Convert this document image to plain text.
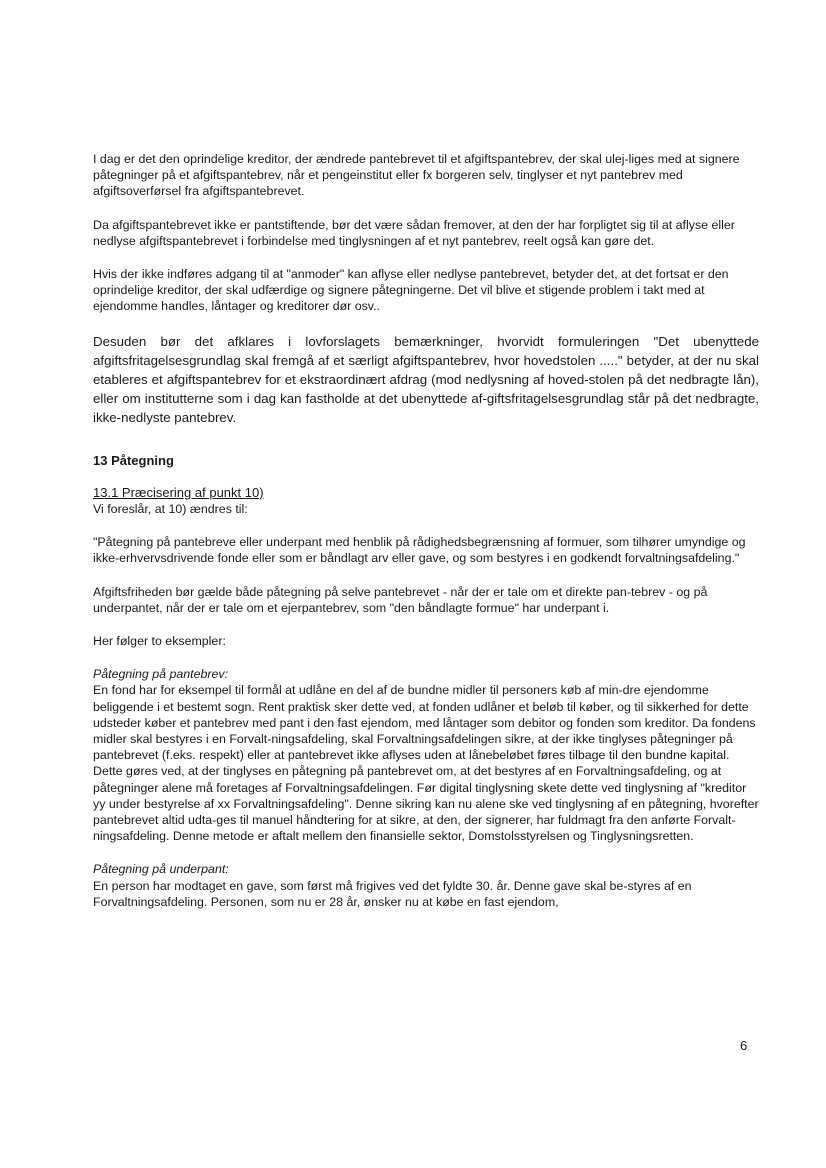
I dag er det den oprindelige kreditor, der ændrede pantebrevet til et afgiftspantebrev, der skal ulej-liges med at signere påtegninger på et afgiftspantebrev, når et pengeinstitut eller fx borgeren selv, tinglyser et nyt pantebrev med afgiftsoverførsel fra afgiftspantebrevet.

Da afgiftspantebrevet ikke er pantstiftende, bør det være sådan fremover, at den der har forpligtet sig til at aflyse eller nedlyse afgiftspantebrevet i forbindelse med tinglysningen af et nyt pantebrev, reelt også kan gøre det.

Hvis der ikke indføres adgang til at "anmoder" kan aflyse eller nedlyse pantebrevet, betyder det, at det fortsat er den oprindelige kreditor, der skal udfærdige og signere påtegningerne. Det vil blive et stigende problem i takt med at ejendomme handles, låntager og kreditorer dør osv..

Desuden bør det afklares i lovforslagets bemærkninger, hvorvidt formuleringen "Det ubenyttede afgiftsfritagelsesgrundlag skal fremgå af et særligt afgiftspantebrev, hvor hovedstolen ....." betyder, at der nu skal etableres et afgiftspantebrev for et ekstraordinært afdrag (mod nedlysning af hoved-stolen på det nedbragte lån), eller om institutterne som i dag kan fastholde at det ubenyttede af-giftsfritagelsesgrundlag står på det nedbragte, ikke-nedlyste pantebrev.

13 Påtegning

13.1 Præcisering af punkt 10)

Vi foreslår, at 10) ændres til:

"Påtegning på pantebreve eller underpant med henblik på rådighedsbegrænsning af formuer, som tilhører umyndige og ikke-erhvervsdrivende fonde eller som er båndlagt arv eller gave, og som bestyres i en godkendt forvaltningsafdeling."

Afgiftsfriheden bør gælde både påtegning på selve pantebrevet - når der er tale om et direkte pan-tebrev - og på underpantet, når der er tale om et ejerpantebrev, som "den båndlagte formue" har underpant i.

Her følger to eksempler:

Påtegning på pantebrev:

En fond har for eksempel til formål at udlåne en del af de bundne midler til personers køb af min-dre ejendomme beliggende i et bestemt sogn. Rent praktisk sker dette ved, at fonden udlåner et beløb til køber, og til sikkerhed for dette udsteder køber et pantebrev med pant i den fast ejendom, med låntager som debitor og fonden som kreditor. Da fondens midler skal bestyres i en Forvalt-ningsafdeling, skal Forvaltningsafdelingen sikre, at der ikke tinglyses påtegninger på pantebrevet (f.eks. respekt) eller at pantebrevet ikke aflyses uden at lånebeløbet føres tilbage til den bundne kapital. Dette gøres ved, at der tinglyses en påtegning på pantebrevet om, at det bestyres af en Forvaltningsafdeling, og at påtegninger alene må foretages af Forvaltningsafdelingen. Før digital tinglysning skete dette ved tinglysning af "kreditor yy under bestyrelse af xx Forvaltningsafdeling". Denne sikring kan nu alene ske ved tinglysning af en påtegning, hvorefter pantebrevet altid udta-ges til manuel håndtering for at sikre, at den, der signerer, har fuldmagt fra den anførte Forvalt-ningsafdeling. Denne metode er aftalt mellem den finansielle sektor, Domstolsstyrelsen og Tinglysningsretten.

Påtegning på underpant:

En person har modtaget en gave, som først må frigives ved det fyldte 30. år. Denne gave skal be-styres af en Forvaltningsafdeling. Personen, som nu er 28 år, ønsker nu at købe en fast ejendom,

6
